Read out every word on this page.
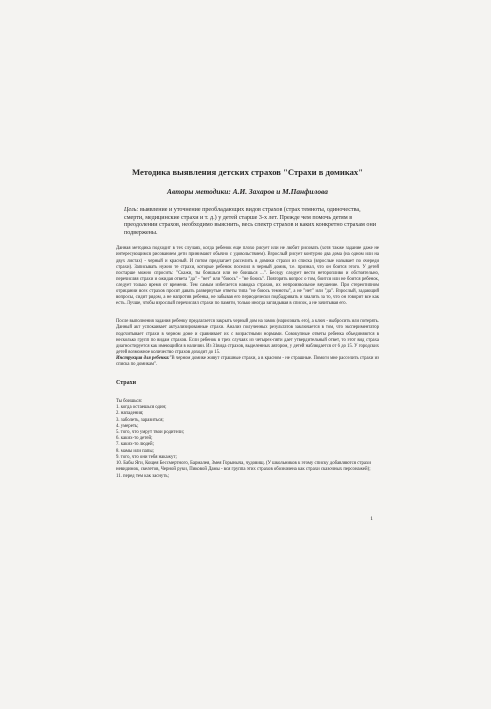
Методика выявления детских страхов "Страхи в домиках"
Авторы методики: А.И. Захаров и М.Панфилова

Цель: выявление и уточнение преобладающих видов страхов (страх темноты, одиночества, смерти, медицинские страхи и т. д.) у детей старше 3-х лет. Прежде чем помочь детям в преодолении страхов, необходимо выяснить, весь спектр страхов и каких конкретно страхам они подвержены.

Данная методика подходит в тех случаях, когда ребенок еще плохо рисует или не любит рисовать (хотя также задание даже не интересующимся рисованием дети принимают обычно с удовольствием). Взрослый рисует контурно два дома (на одном или на двух листах) - черный и красный. И потом предлагает расселить в домики страхи из списка (взрослые называет по очереди страхи). Записывать нужно те страхи, которые ребенок поселил в черный домик, т.е. признал, что он боится этого. У детей постарше можно спросить: "Скажи, ты боишься или не боишься ...". Беседу следует вести неторопливо и обстоятельно, перечисляя страхи и ожидая ответа "да" - "нет" или "боюсь" - "не боюсь". Повторять вопрос о том, боится или не боится ребенок, следует только время от времени. Тем самым избегается наводка страхов, их непроизвольное внушение. При стереотипном отрицании всех страхов просят давать развернутые ответы типа "не боюсь темноты", а не "нет" или "да". Взрослый, задающий вопросы, сидит рядом, а не напротив ребенка, не забывая его периодически подбадривать и хвалить за то, что он говорит все как есть. Лучше, чтобы взрослый перечислял страхи по памяти, только иногда заглядывая в список, а не зачитывая его.

После выполнения задания ребенку предлагается закрыть черный дом на замок (нарисовать его), а ключ - выбросить или потерять. Данный акт успокаивает актуализированные страхи. Анализ полученных результатов заключается в том, что экспериментатор подсчитывает страхи в черном доме и сравнивает их с возрастными нормами. Совокупные ответы ребенка объединяются в несколько групп по видам страхов. Если ребенок в трех случаях из четырех-пяти дает утвердительный ответ, то этот вид страха диагностируется как имеющийся в наличии. Из 31вида страхов, выделенных автором, у детей наблюдается от 6 до 15. У городских детей возможное количество страхов доходит до 15.

Инструкция для ребенка:"В черном домике живут страшные страхи, а в красном - не страшные. Помоги мне расселить страхи из списка по домикам".

Страхи

Ты боишься:

1. когда остаешься один;
2. нападения;
3. заболеть, заразиться;
4. умереть;
5. того, что умрут твои родители;
6. каких-то детей;
7. каких-то людей;
8. мамы или папы;
9. того, что они тебя накажут;
10. Бабы Яги, Кощея Бессмертного, Бармалея, Змея Горыныча, чудовищ. (У школьников к этому списку добавляются страхи невидимок, скелетов, Черной руки, Пиковой Дамы - вся группа этих страхов обозначена как страхи сказочных персонажей);
11. перед тем как заснуть;
1
